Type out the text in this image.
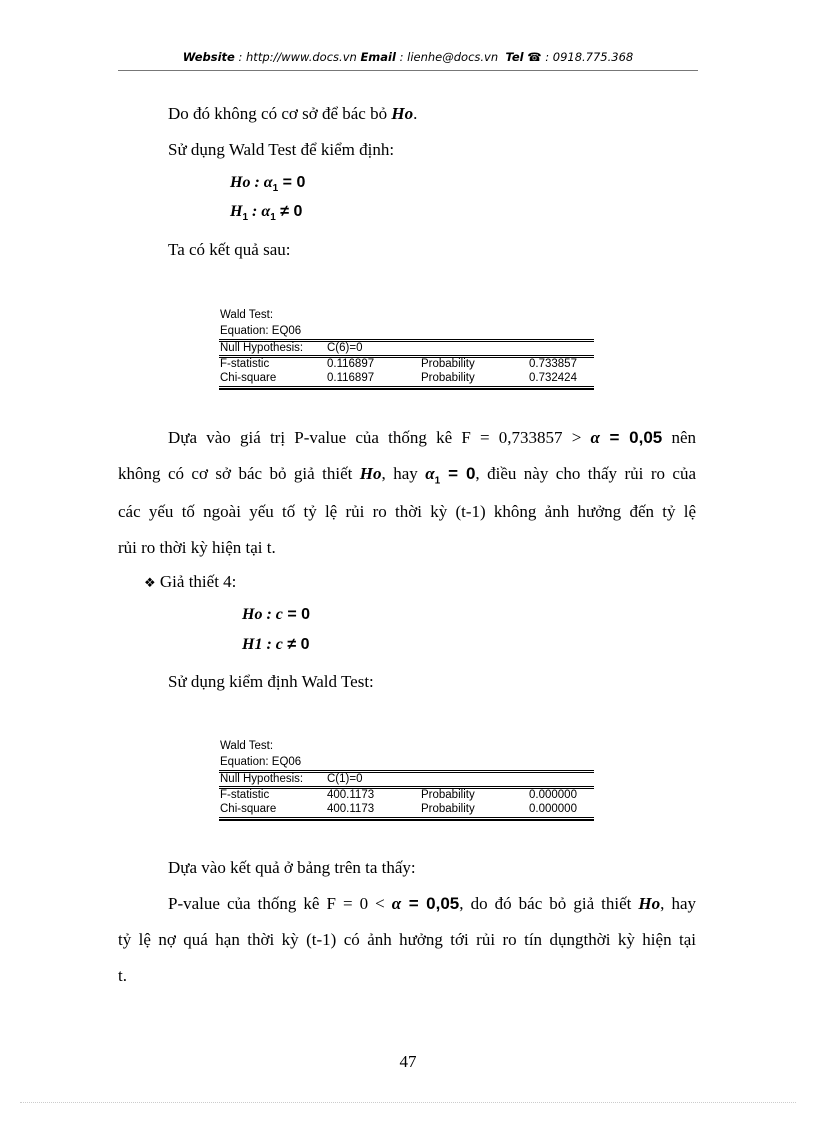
Website : http://www.docs.vn Email : lienhe@docs.vn Tel ☎ : 0918.775.368
Do đó không có cơ sở để bác bỏ Ho.
Sử dụng Wald Test để kiểm định:
Ho : $\alpha_1 = 0$
$H_1$ : $\alpha_1 \ne 0$
Ta có kết quả sau:
Wald Test:
Equation: EQ06
Null Hypothesis: C(6)=0
F-statistic	0.116897	Probability	0.733857
Chi-square	0.116897	Probability	0.732424
Dựa vào giá trị P-value của thống kê F = 0,733857 > α = 0,05 nên
không có cơ sở bác bỏ giả thiết Ho, hay $\alpha_1 = 0$, điều này cho thấy rủi ro của
các yếu tố ngoài yếu tố tỷ lệ rủi ro thời kỳ (t-1) không ảnh hưởng đến tỷ lệ
rủi ro thời kỳ hiện tại t.
❖ Giả thiết 4:
Ho : c = 0
H1 : c ≠ 0
Sử dụng kiểm định Wald Test:
Wald Test:
Equation: EQ06
Null Hypothesis: C(1)=0
F-statistic	400.1173	Probability	0.000000
Chi-square	400.1173	Probability	0.000000
Dựa vào kết quả ở bảng trên ta thấy:
P-value của thống kê F = 0 < α = 0,05, do đó bác bỏ giả thiết Ho, hay
tỷ lệ nợ quá hạn thời kỳ (t-1) có ảnh hưởng tới rủi ro tín dụngthời kỳ hiện tại
t.
47
